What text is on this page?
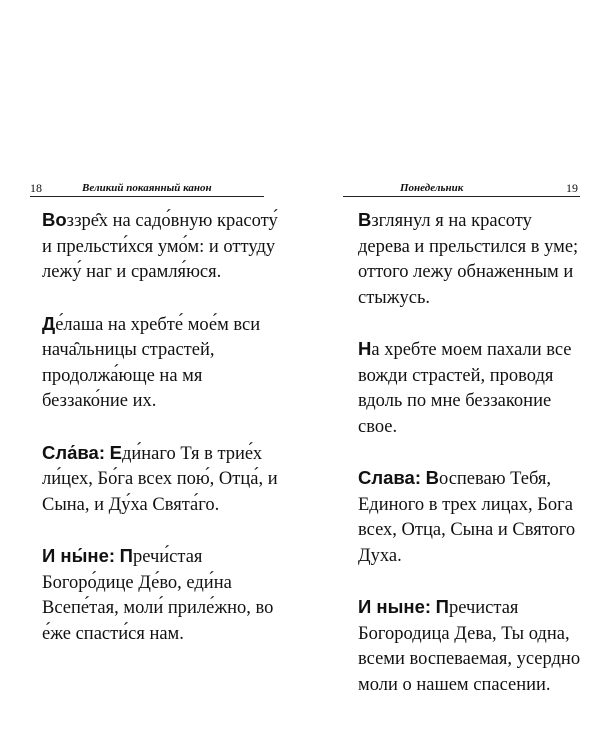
18	Великий покаянный канон

Воззре̑х на садо́вную красоту́ и прельсти́хся умо́м: и оттуду лежу́ наг и срамля́юся.

Де́лаша на хребте́ мое́м вси нача̑льницы страстей, продолжа́юще на мя беззако́ние их.

Сла́ва: Еди́наго Тя в трие́х ли́цех, Бо́га всех пою́, Отца́, и Сына, и Ду́ха Свята́го.

И ны́не: Пречи́стая Богоро́дице Де́во, еди́на Всепе́тая, моли́ приле́жно, во е́же спасти́ся нам.

Понедельник	19

Взглянул я на красоту дерева и прельстился в уме; оттого лежу обнаженным и стыжусь.

На хребте моем пахали все вожди страстей, проводя вдоль по мне беззаконие свое.

Слава: Воспеваю Тебя, Единого в трех лицах, Бога всех, Отца, Сына и Святого Духа.

И ныне: Пречистая Богородица Дева, Ты одна, всеми воспеваемая, усердно моли о нашем спасении.
